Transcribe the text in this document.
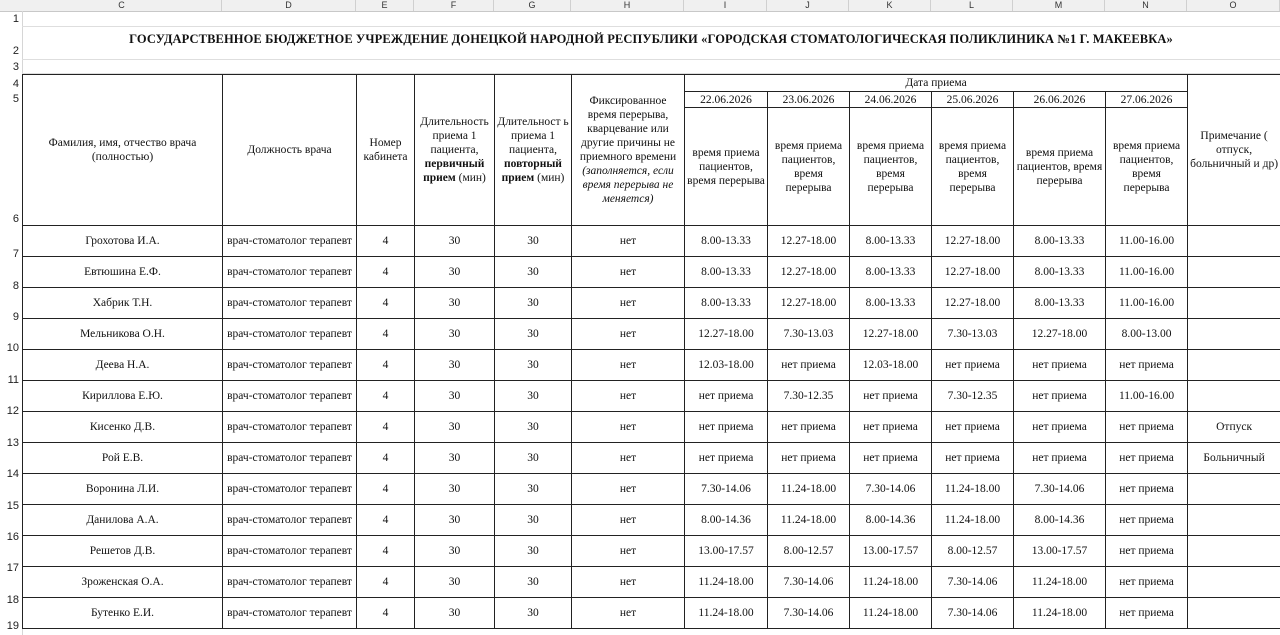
C	D	E	F	G	H	I	J	K	L	M	N	O
1
2
3
4
5
6
7
8
9
10
11
12
13
14
15
16
17
18
19
ГОСУДАРСТВЕННОЕ БЮДЖЕТНОЕ УЧРЕЖДЕНИЕ ДОНЕЦКОЙ НАРОДНОЙ РЕСПУБЛИКИ «ГОРОДСКАЯ СТОМАТОЛОГИЧЕСКАЯ ПОЛИКЛИНИКА №1 Г. МАКЕЕВКА»
Фамилия, имя, отчество врача (полностью)	Должность врача	Номер кабинета	Длительность приема 1 пациента, первичный прием (мин)	Длительност ь приема 1 пациента, повторный прием (мин)	Фиксированное время перерыва, кварцевание или другие причины не приемного времени (заполняется, если время перерыва не меняется)	Дата приема						Примечание ( отпуск, больничный и др)
						22.06.2026	23.06.2026	24.06.2026	25.06.2026	26.06.2026	27.06.2026	
						время приема пациентов, время перерыва	время приема пациентов, время перерыва	время приема пациентов, время перерыва	время приема пациентов, время перерыва	время приема пациентов, время перерыва	время приема пациентов, время перерыва	
Грохотова И.А.	врач-стоматолог терапевт	4	30	30	нет	8.00-13.33	12.27-18.00	8.00-13.33	12.27-18.00	8.00-13.33	11.00-16.00	
Евтюшина Е.Ф.	врач-стоматолог терапевт	4	30	30	нет	8.00-13.33	12.27-18.00	8.00-13.33	12.27-18.00	8.00-13.33	11.00-16.00	
Хабрик Т.Н.	врач-стоматолог терапевт	4	30	30	нет	8.00-13.33	12.27-18.00	8.00-13.33	12.27-18.00	8.00-13.33	11.00-16.00	
Мельникова О.Н.	врач-стоматолог терапевт	4	30	30	нет	12.27-18.00	7.30-13.03	12.27-18.00	7.30-13.03	12.27-18.00	8.00-13.00	
Деева Н.А.	врач-стоматолог терапевт	4	30	30	нет	12.03-18.00	нет приема	12.03-18.00	нет приема	нет приема	нет приема	
Кириллова Е.Ю.	врач-стоматолог терапевт	4	30	30	нет	нет приема	7.30-12.35	нет приема	7.30-12.35	нет приема	11.00-16.00	
Кисенко Д.В.	врач-стоматолог терапевт	4	30	30	нет	нет приема	нет приема	нет приема	нет приема	нет приема	нет приема	Отпуск
Рой Е.В.	врач-стоматолог терапевт	4	30	30	нет	нет приема	нет приема	нет приема	нет приема	нет приема	нет приема	Больничный
Воронина Л.И.	врач-стоматолог терапевт	4	30	30	нет	7.30-14.06	11.24-18.00	7.30-14.06	11.24-18.00	7.30-14.06	нет приема	
Данилова А.А.	врач-стоматолог терапевт	4	30	30	нет	8.00-14.36	11.24-18.00	8.00-14.36	11.24-18.00	8.00-14.36	нет приема	
Решетов Д.В.	врач-стоматолог терапевт	4	30	30	нет	13.00-17.57	8.00-12.57	13.00-17.57	8.00-12.57	13.00-17.57	нет приема	
Зроженская О.А.	врач-стоматолог терапевт	4	30	30	нет	11.24-18.00	7.30-14.06	11.24-18.00	7.30-14.06	11.24-18.00	нет приема	
Бутенко Е.И.	врач-стоматолог терапевт	4	30	30	нет	11.24-18.00	7.30-14.06	11.24-18.00	7.30-14.06	11.24-18.00	нет приема	
